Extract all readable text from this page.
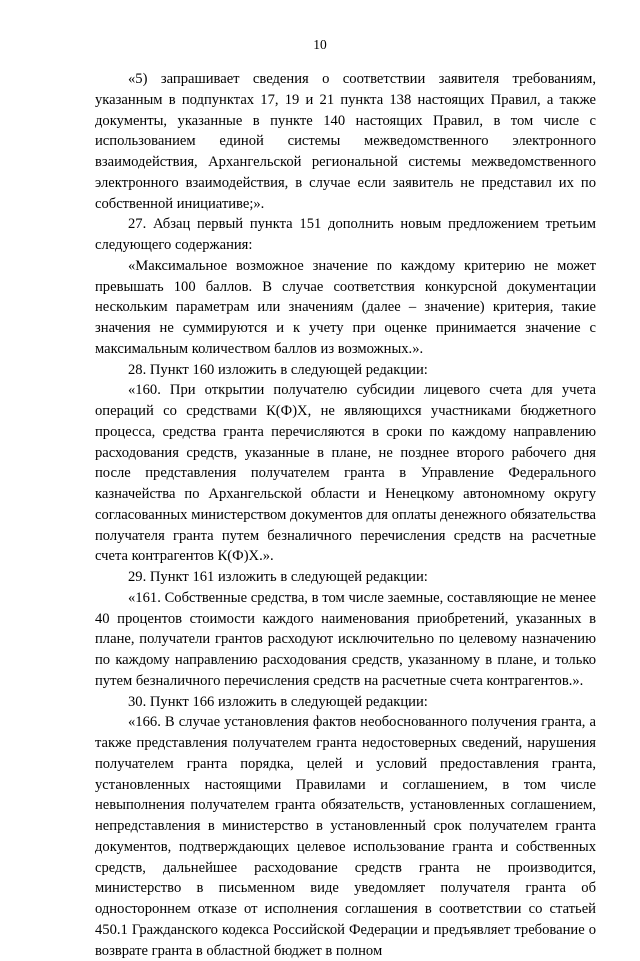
10

«5) запрашивает сведения о соответствии заявителя требованиям, указанным в подпунктах 17, 19 и 21 пункта 138 настоящих Правил, а также документы, указанные в пункте 140 настоящих Правил, в том числе с использованием единой системы межведомственного электронного взаимодействия, Архангельской региональной системы межведомственного электронного взаимодействия, в случае если заявитель не представил их по собственной инициативе;».

27. Абзац первый пункта 151 дополнить новым предложением третьим следующего содержания:

«Максимальное возможное значение по каждому критерию не может превышать 100 баллов. В случае соответствия конкурсной документации нескольким параметрам или значениям (далее – значение) критерия, такие значения не суммируются и к учету при оценке принимается значение с максимальным количеством баллов из возможных.».

28. Пункт 160 изложить в следующей редакции:

«160. При открытии получателю субсидии лицевого счета для учета операций со средствами К(Ф)Х, не являющихся участниками бюджетного процесса, средства гранта перечисляются в сроки по каждому направлению расходования средств, указанные в плане, не позднее второго рабочего дня после представления получателем гранта в Управление Федерального казначейства по Архангельской области и Ненецкому автономному округу согласованных министерством документов для оплаты денежного обязательства получателя гранта путем безналичного перечисления средств на расчетные счета контрагентов К(Ф)Х.».

29. Пункт 161 изложить в следующей редакции:

«161. Собственные средства, в том числе заемные, составляющие не менее 40 процентов стоимости каждого наименования приобретений, указанных в плане, получатели грантов расходуют исключительно по целевому назначению по каждому направлению расходования средств, указанному в плане, и только путем безналичного перечисления средств на расчетные счета контрагентов.».

30. Пункт 166 изложить в следующей редакции:

«166. В случае установления фактов необоснованного получения гранта, а также представления получателем гранта недостоверных сведений, нарушения получателем гранта порядка, целей и условий предоставления гранта, установленных настоящими Правилами и соглашением, в том числе невыполнения получателем гранта обязательств, установленных соглашением, непредставления в министерство в установленный срок получателем гранта документов, подтверждающих целевое использование гранта и собственных средств, дальнейшее расходование средств гранта не производится, министерство в письменном виде уведомляет получателя гранта об одностороннем отказе от исполнения соглашения в соответствии со статьей 450.1 Гражданского кодекса Российской Федерации и предъявляет требование о возврате гранта в областной бюджет в полном
